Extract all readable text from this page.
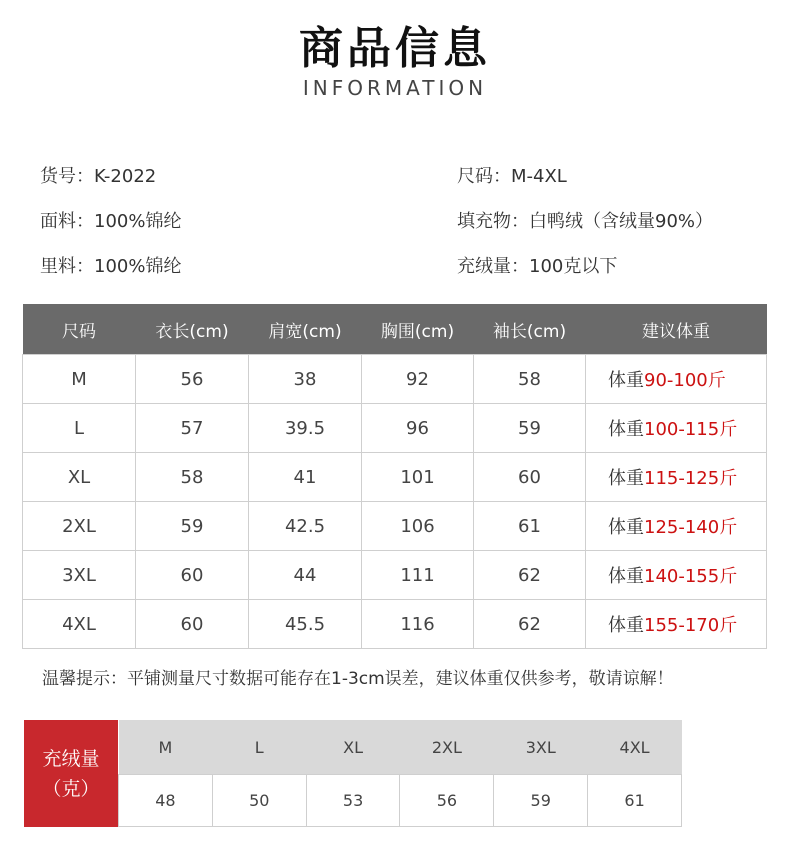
商品信息
INFORMATION
货号：K-2022	尺码：M-4XL
面料：100%锦纶	填充物：白鸭绒（含绒量90%）
里料：100%锦纶	充绒量：100克以下
尺码	衣长(cm)	肩宽(cm)	胸围(cm)	袖长(cm)	建议体重
M	56	38	92	58	体重90-100斤
L	57	39.5	96	59	体重100-115斤
XL	58	41	101	60	体重115-125斤
2XL	59	42.5	106	61	体重125-140斤
3XL	60	44	111	62	体重140-155斤
4XL	60	45.5	116	62	体重155-170斤
温馨提示：平铺测量尺寸数据可能存在1-3cm误差，建议体重仅供参考，敬请谅解！
充绒量
（克）
M	L	XL	2XL	3XL	4XL
48	50	53	56	59	61
